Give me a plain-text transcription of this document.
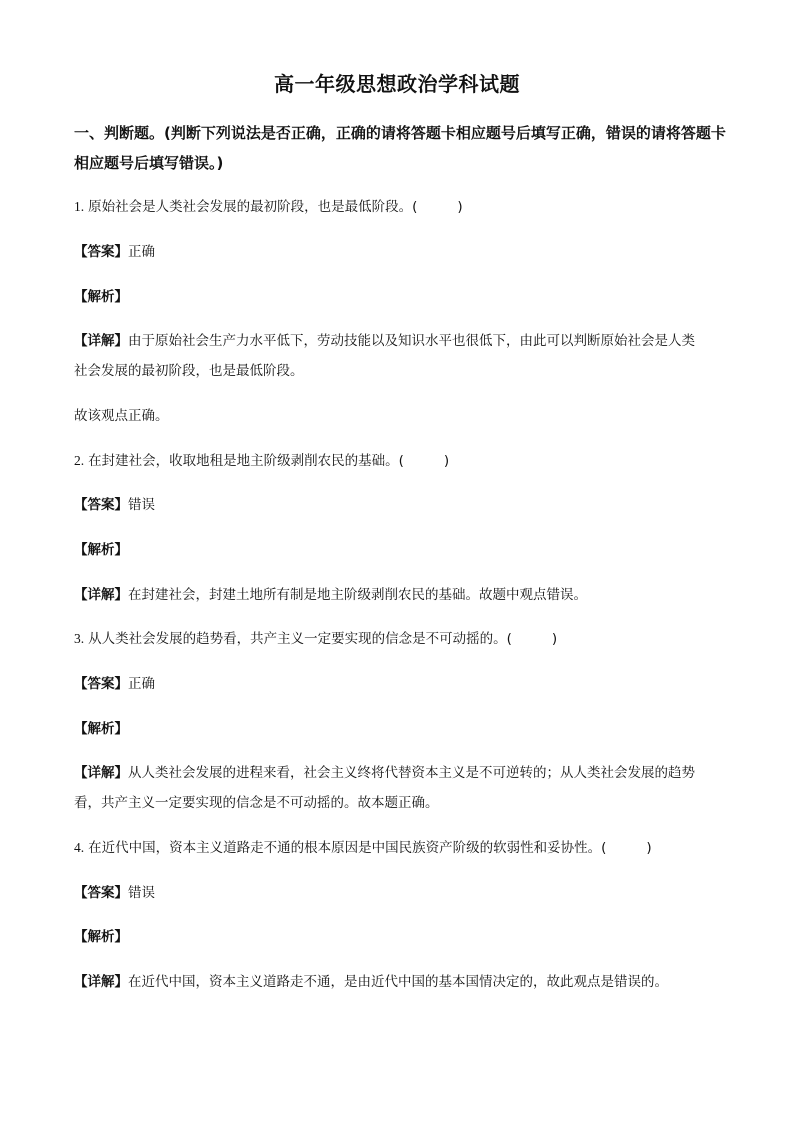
高一年级思想政治学科试题
一、判断题。(判断下列说法是否正确，正确的请将答题卡相应题号后填写正确，错误的请将答题卡相应题号后填写错误。)
1. 原始社会是人类社会发展的最初阶段，也是最低阶段。(	)
【答案】正确
【解析】
【详解】由于原始社会生产力水平低下，劳动技能以及知识水平也很低下，由此可以判断原始社会是人类
社会发展的最初阶段，也是最低阶段。
故该观点正确。
2. 在封建社会，收取地租是地主阶级剥削农民的基础。(	)
【答案】错误
【解析】
【详解】在封建社会，封建土地所有制是地主阶级剥削农民的基础。故题中观点错误。
3. 从人类社会发展的趋势看，共产主义一定要实现的信念是不可动摇的。(	)
【答案】正确
【解析】
【详解】从人类社会发展的进程来看，社会主义终将代替资本主义是不可逆转的；从人类社会发展的趋势
看，共产主义一定要实现的信念是不可动摇的。故本题正确。
4. 在近代中国，资本主义道路走不通的根本原因是中国民族资产阶级的软弱性和妥协性。(	)
【答案】错误
【解析】
【详解】在近代中国，资本主义道路走不通，是由近代中国的基本国情决定的，故此观点是错误的。
